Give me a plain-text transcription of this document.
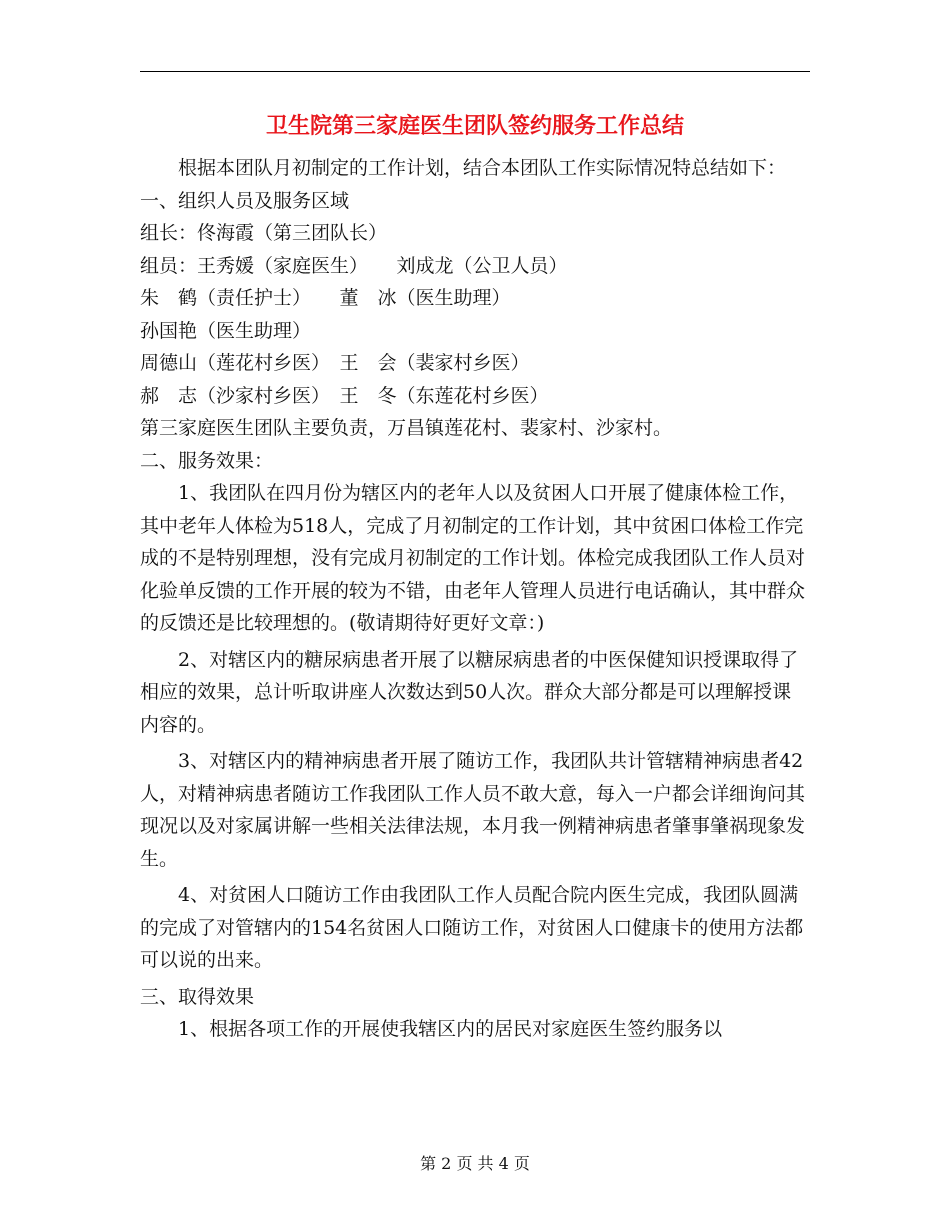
卫生院第三家庭医生团队签约服务工作总结

根据本团队月初制定的工作计划，结合本团队工作实际情况特总结如下：

一、组织人员及服务区域

组长：佟海霞（第三团队长）

组员：王秀媛（家庭医生）　　刘成龙（公卫人员）

朱　鹤（责任护士）　　董　冰（医生助理）

孙国艳（医生助理）

周德山（莲花村乡医）　王　会（裴家村乡医）

郝　志（沙家村乡医）　王　冬（东莲花村乡医）

第三家庭医生团队主要负责，万昌镇莲花村、裴家村、沙家村。

二、服务效果：

1、我团队在四月份为辖区内的老年人以及贫困人口开展了健康体检工作，其中老年人体检为518人，完成了月初制定的工作计划，其中贫困口体检工作完成的不是特别理想，没有完成月初制定的工作计划。体检完成我团队工作人员对化验单反馈的工作开展的较为不错，由老年人管理人员进行电话确认，其中群众的反馈还是比较理想的。(敬请期待好更好文章：)

2、对辖区内的糖尿病患者开展了以糖尿病患者的中医保健知识授课取得了相应的效果，总计听取讲座人次数达到50人次。群众大部分都是可以理解授课内容的。

3、对辖区内的精神病患者开展了随访工作，我团队共计管辖精神病患者42人，对精神病患者随访工作我团队工作人员不敢大意，每入一户都会详细询问其现况以及对家属讲解一些相关法律法规，本月我一例精神病患者肇事肇祸现象发生。

4、对贫困人口随访工作由我团队工作人员配合院内医生完成，我团队圆满的完成了对管辖内的154名贫困人口随访工作，对贫困人口健康卡的使用方法都可以说的出来。

三、取得效果

1、根据各项工作的开展使我辖区内的居民对家庭医生签约服务以

第 2 页 共 4 页
